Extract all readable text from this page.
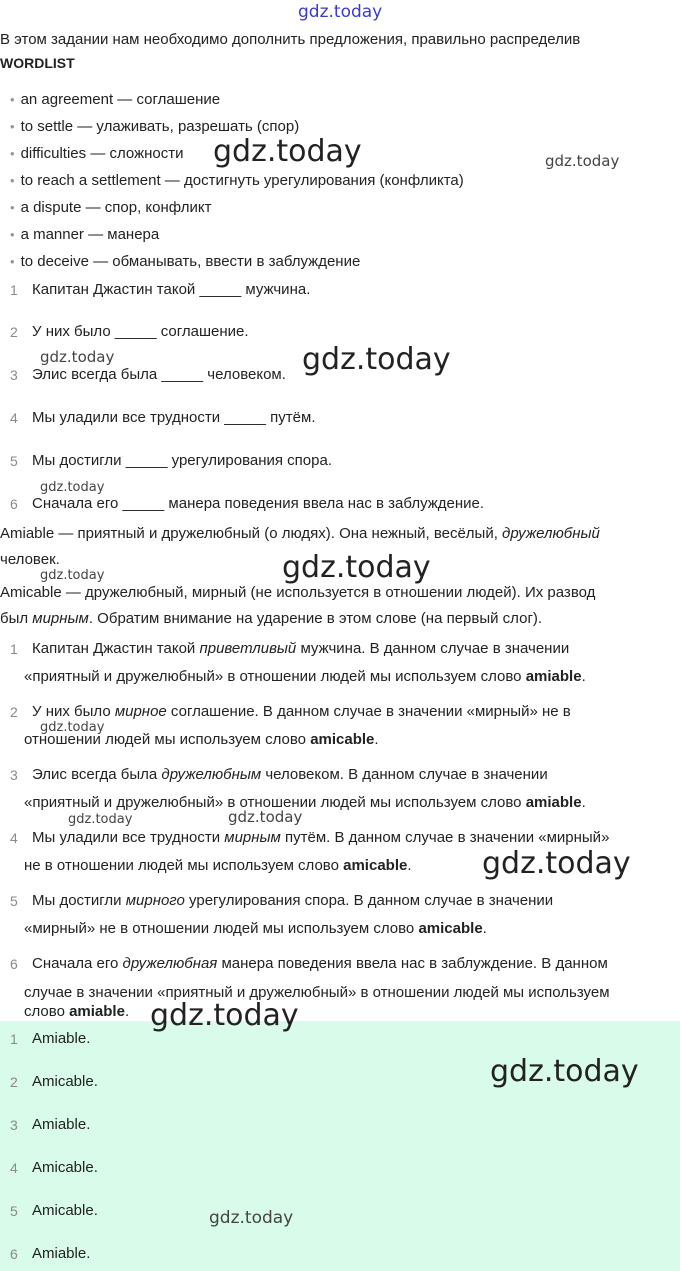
gdz.today
В этом задании нам необходимо дополнить предложения, правильно распределив
WORDLIST
• an agreement — соглашение
• to settle — улаживать, разрешать (спор)
• difficulties — сложности
• to reach a settlement — достигнуть урегулирования (конфликта)
• a dispute — спор, конфликт
• a manner — манера
• to deceive — обманывать, ввести в заблуждение
1 Капитан Джастин такой _____ мужчина.
2 У них было _____ соглашение.
3 Элис всегда была _____ человеком.
4 Мы уладили все трудности _____ путём.
5 Мы достигли _____ урегулирования спора.
6 Сначала его _____ манера поведения ввела нас в заблуждение.
Amiable — приятный и дружелюбный (о людях). Она нежный, весёлый, дружелюбный
человек.
Amicable — дружелюбный, мирный (не используется в отношении людей). Их развод
был мирным. Обратим внимание на ударение в этом слове (на первый слог).
1 Капитан Джастин такой приветливый мужчина. В данном случае в значении
«приятный и дружелюбный» в отношении людей мы используем слово amiable.
2 У них было мирное соглашение. В данном случае в значении «мирный» не в
отношении людей мы используем слово amicable.
3 Элис всегда была дружелюбным человеком. В данном случае в значении
«приятный и дружелюбный» в отношении людей мы используем слово amiable.
4 Мы уладили все трудности мирным путём. В данном случае в значении «мирный»
не в отношении людей мы используем слово amicable.
5 Мы достигли мирного урегулирования спора. В данном случае в значении
«мирный» не в отношении людей мы используем слово amicable.
6 Сначала его дружелюбная манера поведения ввела нас в заблуждение. В данном
случае в значении «приятный и дружелюбный» в отношении людей мы используем
слово amiable.
1 Amiable.
2 Amicable.
3 Amiable.
4 Amicable.
5 Amicable.
6 Amiable.
gdz.today	gdz.today
gdz.today	gdz.today
gdz.today
gdz.today	gdz.today
gdz.today
gdz.today	gdz.today
gdz.today
gdz.today
gdz.today
gdz.today
